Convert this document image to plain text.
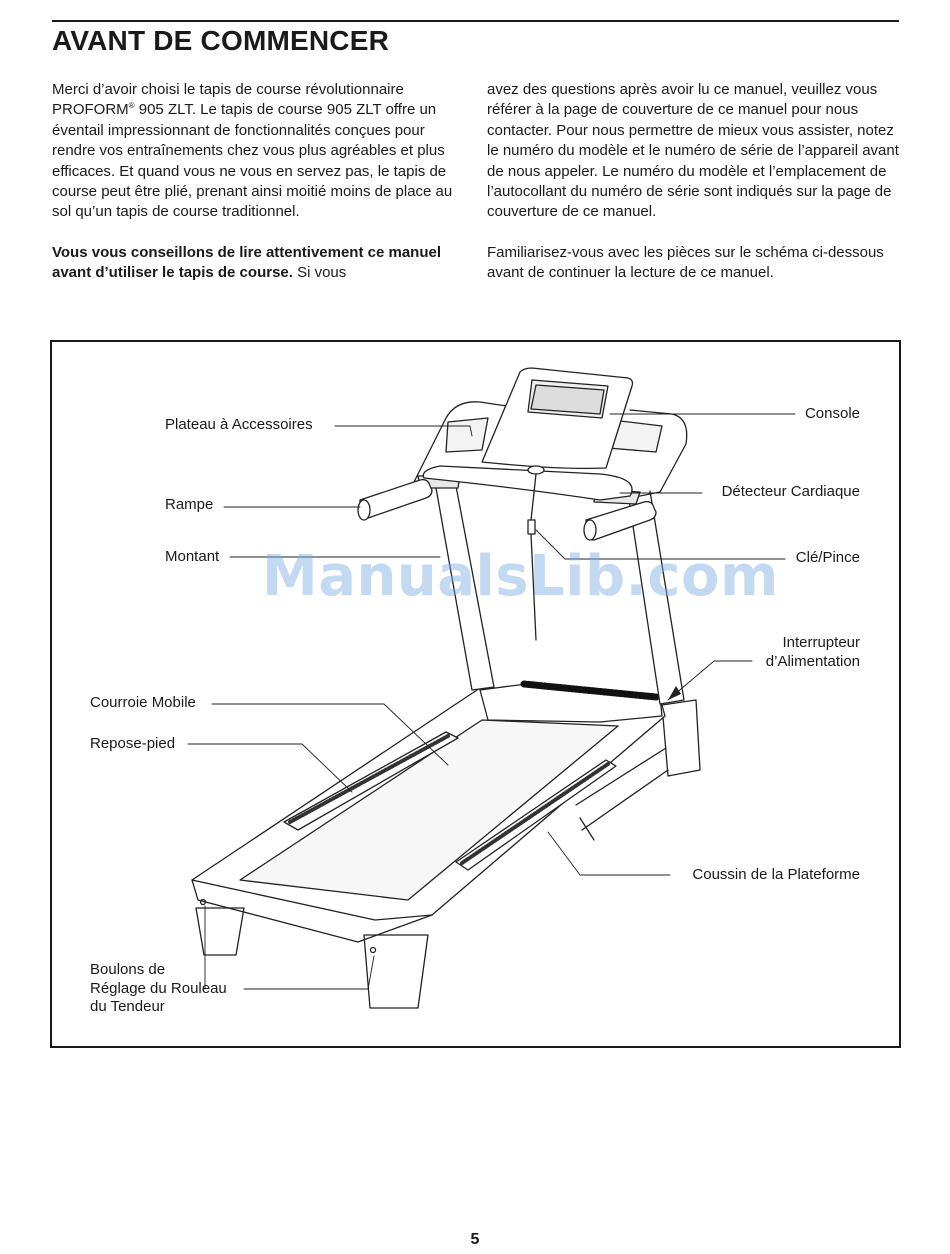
AVANT DE COMMENCER

Merci d’avoir choisi le tapis de course révolutionnaire PROFORM® 905 ZLT. Le tapis de course 905 ZLT offre un éventail impressionnant de fonctionnalités conçues pour rendre vos entraînements chez vous plus agréables et plus efficaces. Et quand vous ne vous en servez pas, le tapis de course peut être plié, prenant ainsi moitié moins de place au sol qu’un tapis de course traditionnel.

Vous vous conseillons de lire attentivement ce manuel avant d’utiliser le tapis de course. Si vous

avez des questions après avoir lu ce manuel, veuillez vous référer à la page de couverture de ce manuel pour nous contacter. Pour nous permettre de mieux vous assister, notez le numéro du modèle et le numéro de série de l’appareil avant de nous appeler. Le numéro du modèle et l’emplacement de l’autocollant du numéro de série sont indiqués sur la page de couverture de ce manuel.

Familiarisez-vous avec les pièces sur le schéma ci-dessous avant de continuer la lecture de ce manuel.

Plateau à Accessoires
Console
Rampe
Détecteur Cardiaque
Montant	Clé/Pince
Interrupteur
d’Alimentation
Courroie Mobile
Repose-pied
Coussin de la Plateforme
Boulons de
Réglage du Rouleau
du Tendeur
ManualsLib.com
5
